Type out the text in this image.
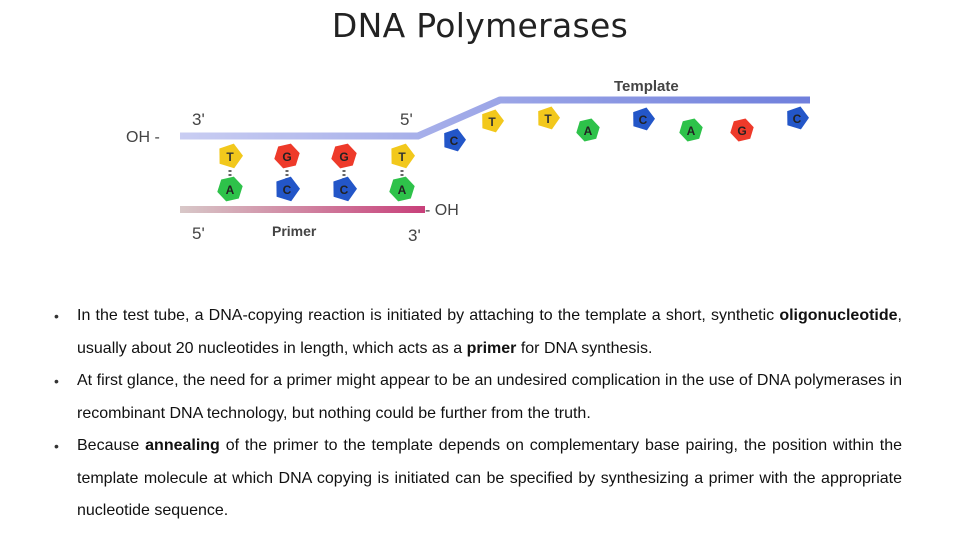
DNA Polymerases
Template
OH -
3'	5'
- OH
5'	Primer	3'
T	G	G	T
A	C	C	A
C
T	T
A
C
A	G
C
• In the test tube, a DNA-copying reaction is initiated by attaching to the template a short, synthetic oligonucleotide, usually about 20 nucleotides in length, which acts as a primer for DNA synthesis.
• At first glance, the need for a primer might appear to be an undesired complication in the use of DNA polymerases in recombinant DNA technology, but nothing could be further from the truth.
• Because annealing of the primer to the template depends on complementary base pairing, the position within the template molecule at which DNA copying is initiated can be specified by synthesizing a primer with the appropriate nucleotide sequence.
